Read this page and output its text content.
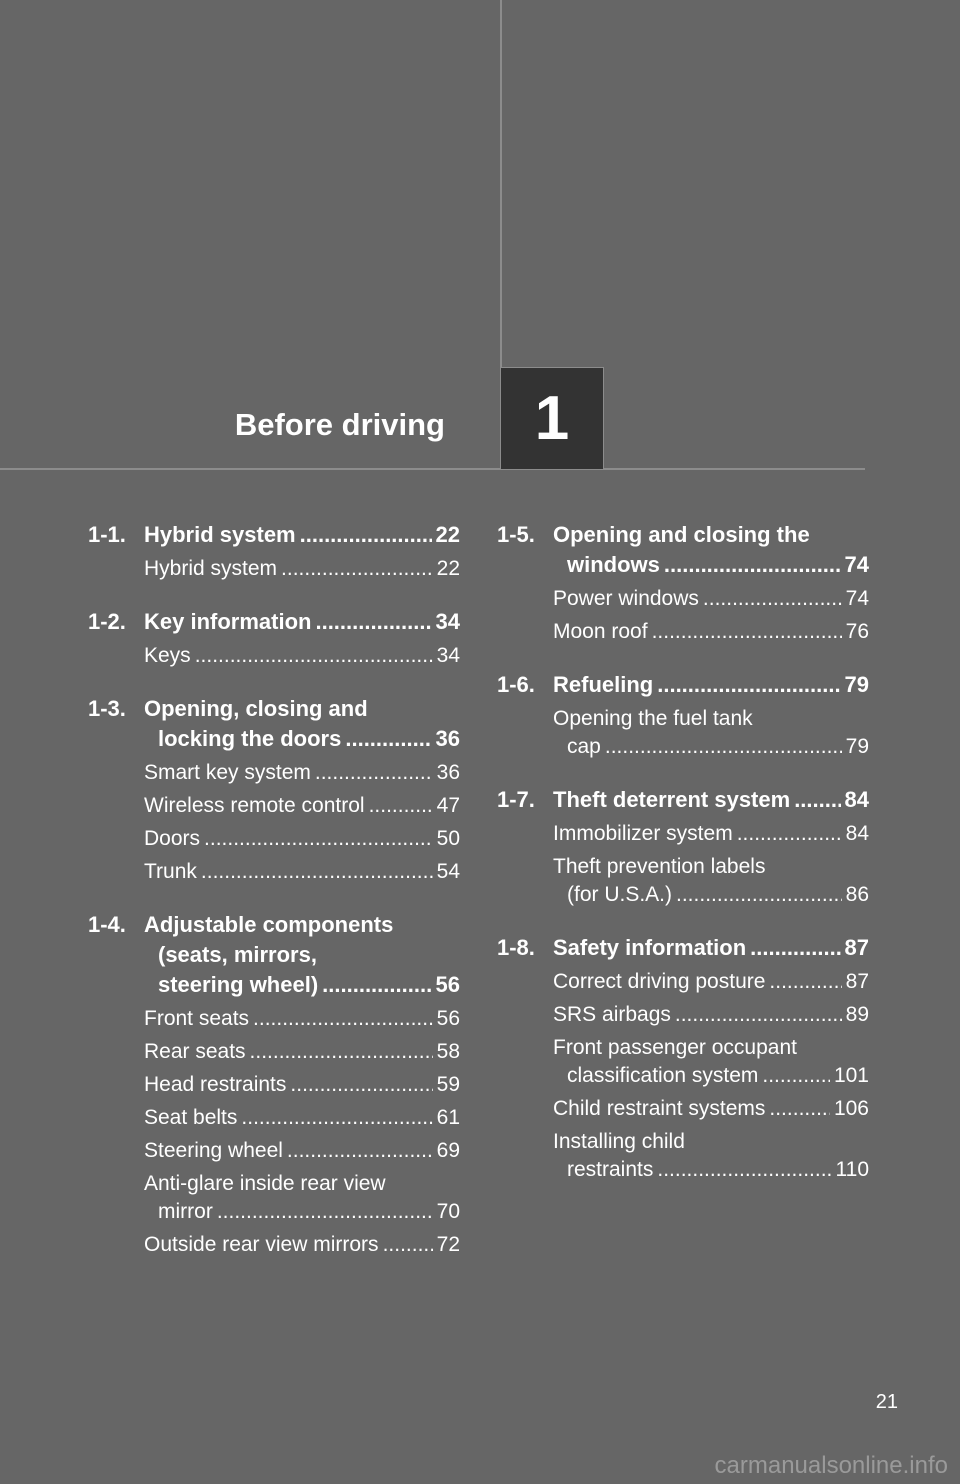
Before driving 1
1-1. Hybrid system .....	22
Hybrid system .....	22
1-2. Key information .....	34
Keys .....	34
1-3. Opening, closing and
locking the doors .....	36
Smart key system .....	36
Wireless remote control .....	47
Doors .....	50
Trunk .....	54
1-4. Adjustable components
(seats, mirrors,
steering wheel) .....	56
Front seats .....	56
Rear seats .....	58
Head restraints .....	59
Seat belts .....	61
Steering wheel .....	69
Anti-glare inside rear view
mirror .....	70
Outside rear view mirrors .....	72
1-5. Opening and closing the
windows .....	74
Power windows .....	74
Moon roof .....	76
1-6. Refueling .....	79
Opening the fuel tank
cap .....	79
1-7. Theft deterrent system ..... 84
Immobilizer system .....	84
Theft prevention labels
(for U.S.A.) .....	86
1-8. Safety information .....	87
Correct driving posture .....	87
SRS airbags .....	89
Front passenger occupant
classification system .....	101
Child restraint systems .....	106
Installing child
restraints .....	110
21
carmanualsonline.info
